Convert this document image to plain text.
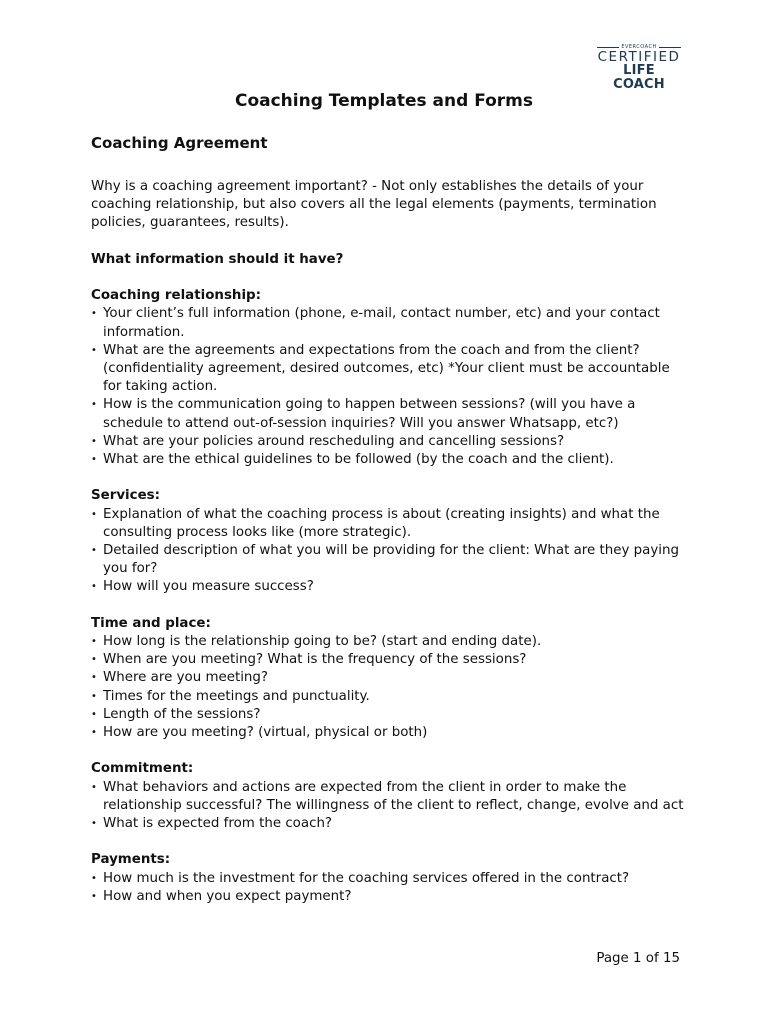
EVERCOACH
CERTIFIED
LIFE COACH
Coaching Templates and Forms
Coaching Agreement

Why is a coaching agreement important? - Not only establishes the details of your coaching relationship, but also covers all the legal elements (payments, termination policies, guarantees, results).

What information should it have?

Coaching relationship:
• Your client’s full information (phone, e-mail, contact number, etc) and your contact information.
• What are the agreements and expectations from the coach and from the client? (confidentiality agreement, desired outcomes, etc) *Your client must be accountable for taking action.
• How is the communication going to happen between sessions? (will you have a schedule to attend out-of-session inquiries? Will you answer Whatsapp, etc?)
• What are your policies around rescheduling and cancelling sessions?
• What are the ethical guidelines to be followed (by the coach and the client).
Services:
• Explanation of what the coaching process is about (creating insights) and what the consulting process looks like (more strategic).
• Detailed description of what you will be providing for the client: What are they paying you for?
• How will you measure success?
Time and place:
• How long is the relationship going to be? (start and ending date).
• When are you meeting? What is the frequency of the sessions?
• Where are you meeting?
• Times for the meetings and punctuality.
• Length of the sessions?
• How are you meeting? (virtual, physical or both)
Commitment:
• What behaviors and actions are expected from the client in order to make the relationship successful? The willingness of the client to reflect, change, evolve and act
• What is expected from the coach?
Payments:
• How much is the investment for the coaching services offered in the contract?
• How and when you expect payment?
Page 1 of 15
